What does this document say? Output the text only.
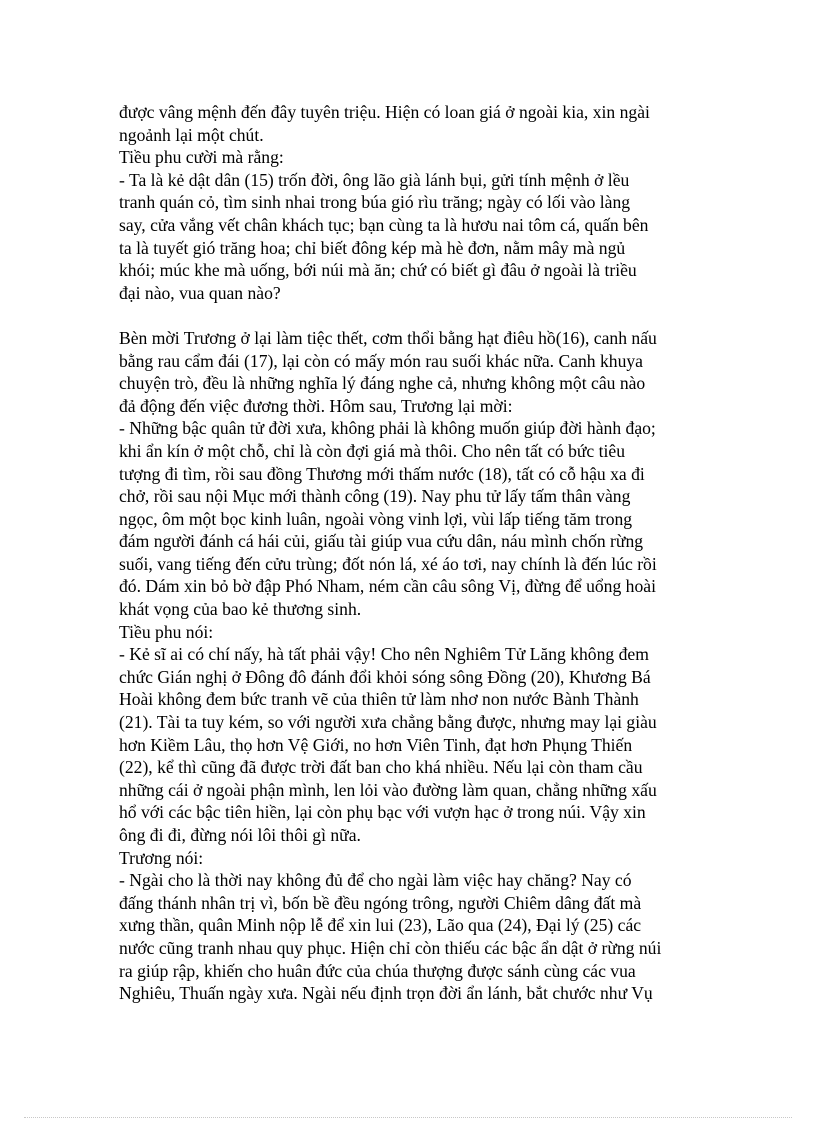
được vâng mệnh đến đây tuyên triệu. Hiện có loan giá ở ngoài kia, xin ngài

ngoảnh lại một chút.

Tiều phu cười mà rằng:

- Ta là kẻ dật dân (15) trốn đời, ông lão già lánh bụi, gửi tính mệnh ở lều

tranh quán cỏ, tìm sinh nhai trong búa gió rìu trăng; ngày có lối vào làng

say, cửa vắng vết chân khách tục; bạn cùng ta là hươu nai tôm cá, quấn bên

ta là tuyết gió trăng hoa; chỉ biết đông kép mà hè đơn, nằm mây mà ngủ

khói; múc khe mà uống, bới núi mà ăn; chứ có biết gì đâu ở ngoài là triều

đại nào, vua quan nào?

Bèn mời Trương ở lại làm tiệc thết, cơm thổi bằng hạt điêu hồ(16), canh nấu

bằng rau cẩm đái (17), lại còn có mấy món rau suối khác nữa. Canh khuya

chuyện trò, đều là những nghĩa lý đáng nghe cả, nhưng không một câu nào

đả động đến việc đương thời. Hôm sau, Trương lại mời:

- Những bậc quân tử đời xưa, không phải là không muốn giúp đời hành đạo;

khi ẩn kín ở một chỗ, chỉ là còn đợi giá mà thôi. Cho nên tất có bức tiêu

tượng đi tìm, rồi sau đồng Thương mới thấm nước (18), tất có cỗ hậu xa đi

chở, rồi sau nội Mục mới thành công (19). Nay phu tử lấy tấm thân vàng

ngọc, ôm một bọc kinh luân, ngoài vòng vinh lợi, vùi lấp tiếng tăm trong

đám người đánh cá hái củi, giấu tài giúp vua cứu dân, náu mình chốn rừng

suối, vang tiếng đến cửu trùng; đốt nón lá, xé áo tơi, nay chính là đến lúc rồi

đó. Dám xin bỏ bờ đập Phó Nham, ném cần câu sông Vị, đừng để uổng hoài

khát vọng của bao kẻ thương sinh.

Tiều phu nói:

- Kẻ sĩ ai có chí nấy, hà tất phải vậy! Cho nên Nghiêm Tử Lăng không đem

chức Gián nghị ở Đông đô đánh đổi khỏi sóng sông Đồng (20), Khương Bá

Hoài không đem bức tranh vẽ của thiên tử làm nhơ non nước Bành Thành

(21). Tài ta tuy kém, so với người xưa chẳng bằng được, nhưng may lại giàu

hơn Kiềm Lâu, thọ hơn Vệ Giới, no hơn Viên Tinh, đạt hơn Phụng Thiến

(22), kể thì cũng đã được trời đất ban cho khá nhiều. Nếu lại còn tham cầu

những cái ở ngoài phận mình, len lỏi vào đường làm quan, chẳng những xấu

hổ với các bậc tiên hiền, lại còn phụ bạc với vượn hạc ở trong núi. Vậy xin

ông đi đi, đừng nói lôi thôi gì nữa.

Trương nói:

- Ngài cho là thời nay không đủ để cho ngài làm việc hay chăng? Nay có

đấng thánh nhân trị vì, bốn bề đều ngóng trông, người Chiêm dâng đất mà

xưng thần, quân Minh nộp lễ để xin lui (23), Lão qua (24), Đại lý (25) các

nước cũng tranh nhau quy phục. Hiện chỉ còn thiếu các bậc ẩn dật ở rừng núi

ra giúp rập, khiến cho huân đức của chúa thượng được sánh cùng các vua

Nghiêu, Thuấn ngày xưa. Ngài nếu định trọn đời ẩn lánh, bắt chước như Vụ
